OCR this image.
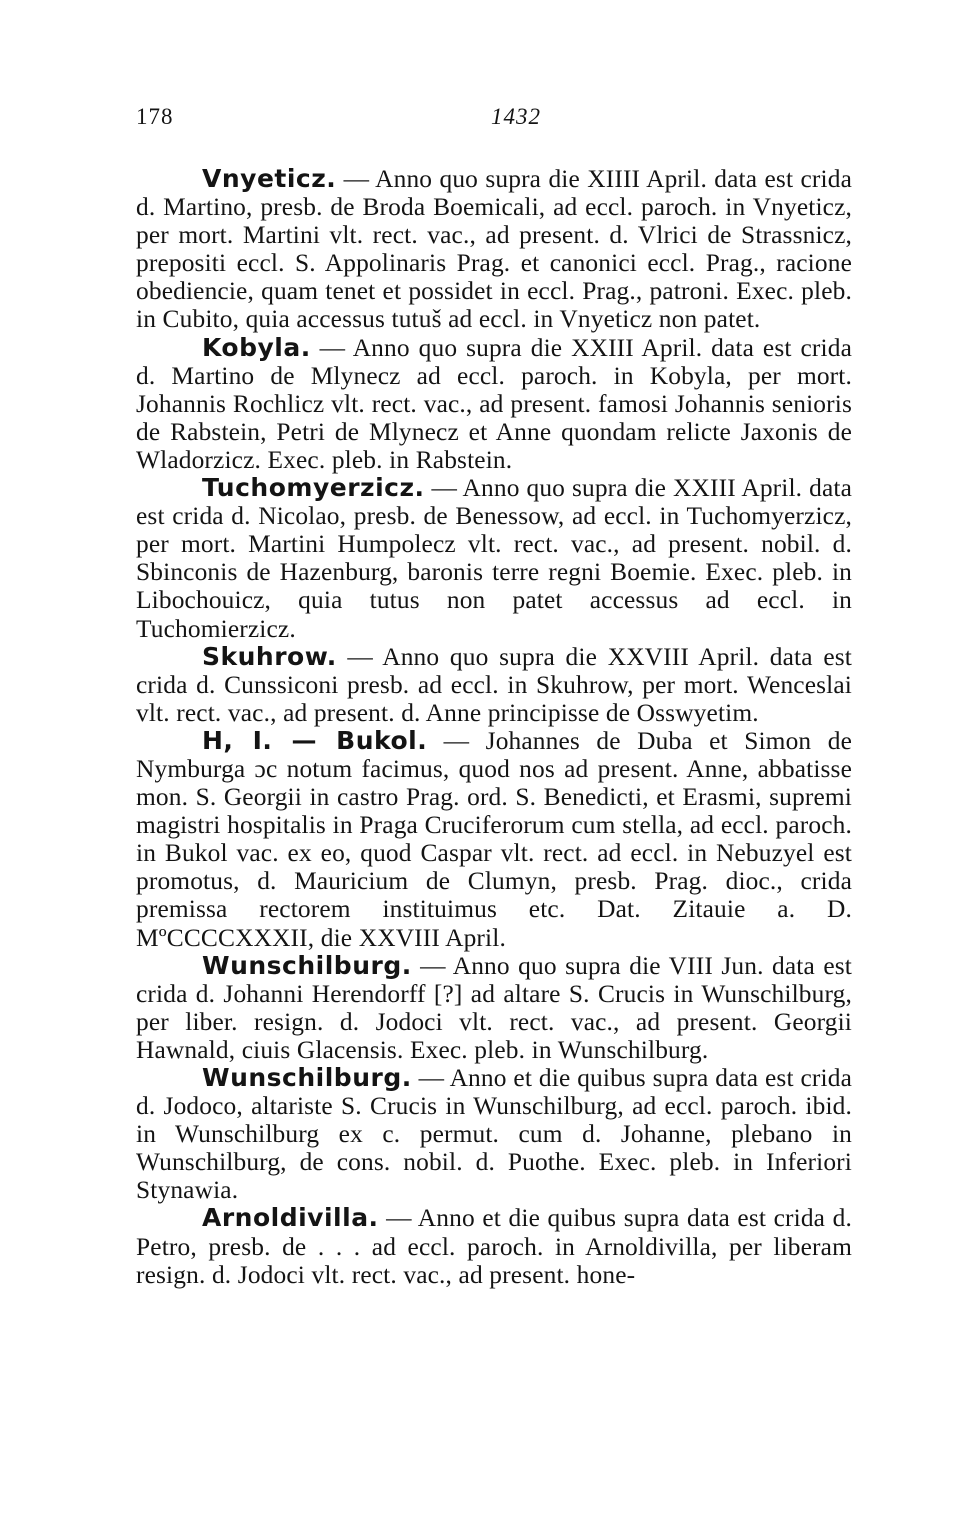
178	1432

Vnyeticz. — Anno quo supra die XIIII April. data est crida d. Martino, presb. de Broda Boemicali, ad eccl. paroch. in Vnyeticz, per mort. Martini vlt. rect. vac., ad present. d. Vlrici de Strassnicz, prepositi eccl. S. Appolinaris Prag. et canonici eccl. Prag., racione obediencie, quam tenet et possidet in eccl. Prag., patroni. Exec. pleb. in Cubito, quia accessus tutuš ad eccl. in Vnyeticz non patet.

Kobyla. — Anno quo supra die XXIII April. data est crida d. Martino de Mlynecz ad eccl. paroch. in Kobyla, per mort. Johannis Rochlicz vlt. rect. vac., ad present. famosi Johannis senioris de Rabstein, Petri de Mlynecz et Anne quondam relicte Jaxonis de Wladorzicz. Exec. pleb. in Rabstein.

Tuchomyerzicz. — Anno quo supra die XXIII April. data est crida d. Nicolao, presb. de Benessow, ad eccl. in Tuchomyerzicz, per mort. Martini Humpolecz vlt. rect. vac., ad present. nobil. d. Sbinconis de Hazenburg, baronis terre regni Boemie. Exec. pleb. in Libochouicz, quia tutus non patet accessus ad eccl. in Tuchomierzicz.

Skuhrow. — Anno quo supra die XXVIII April. data est crida d. Cunssiconi presb. ad eccl. in Skuhrow, per mort. Wenceslai vlt. rect. vac., ad present. d. Anne principisse de Osswyetim.

H, I. — Bukol. — Johannes de Duba et Simon de Nymburga ɔc notum facimus, quod nos ad present. Anne, abbatisse mon. S. Georgii in castro Prag. ord. S. Benedicti, et Erasmi, supremi magistri hospitalis in Praga Cruciferorum cum stella, ad eccl. paroch. in Bukol vac. ex eo, quod Caspar vlt. rect. ad eccl. in Nebuzyel est promotus, d. Mauricium de Clumyn, presb. Prag. dioc., crida premissa rectorem instituimus etc. Dat. Zitauie a. D. MºCCCCXXXII, die XXVIII April.

Wunschilburg. — Anno quo supra die VIII Jun. data est crida d. Johanni Herendorff [?] ad altare S. Crucis in Wunschilburg, per liber. resign. d. Jodoci vlt. rect. vac., ad present. Georgii Hawnald, ciuis Glacensis. Exec. pleb. in Wunschilburg.

Wunschilburg. — Anno et die quibus supra data est crida d. Jodoco, altariste S. Crucis in Wunschilburg, ad eccl. paroch. ibid. in Wunschilburg ex c. permut. cum d. Johanne, plebano in Wunschilburg, de cons. nobil. d. Puothe. Exec. pleb. in Inferiori Stynawia.

Arnoldivilla. — Anno et die quibus supra data est crida d. Petro, presb. de . . . ad eccl. paroch. in Arnoldivilla, per liberam resign. d. Jodoci vlt. rect. vac., ad present. hone-
